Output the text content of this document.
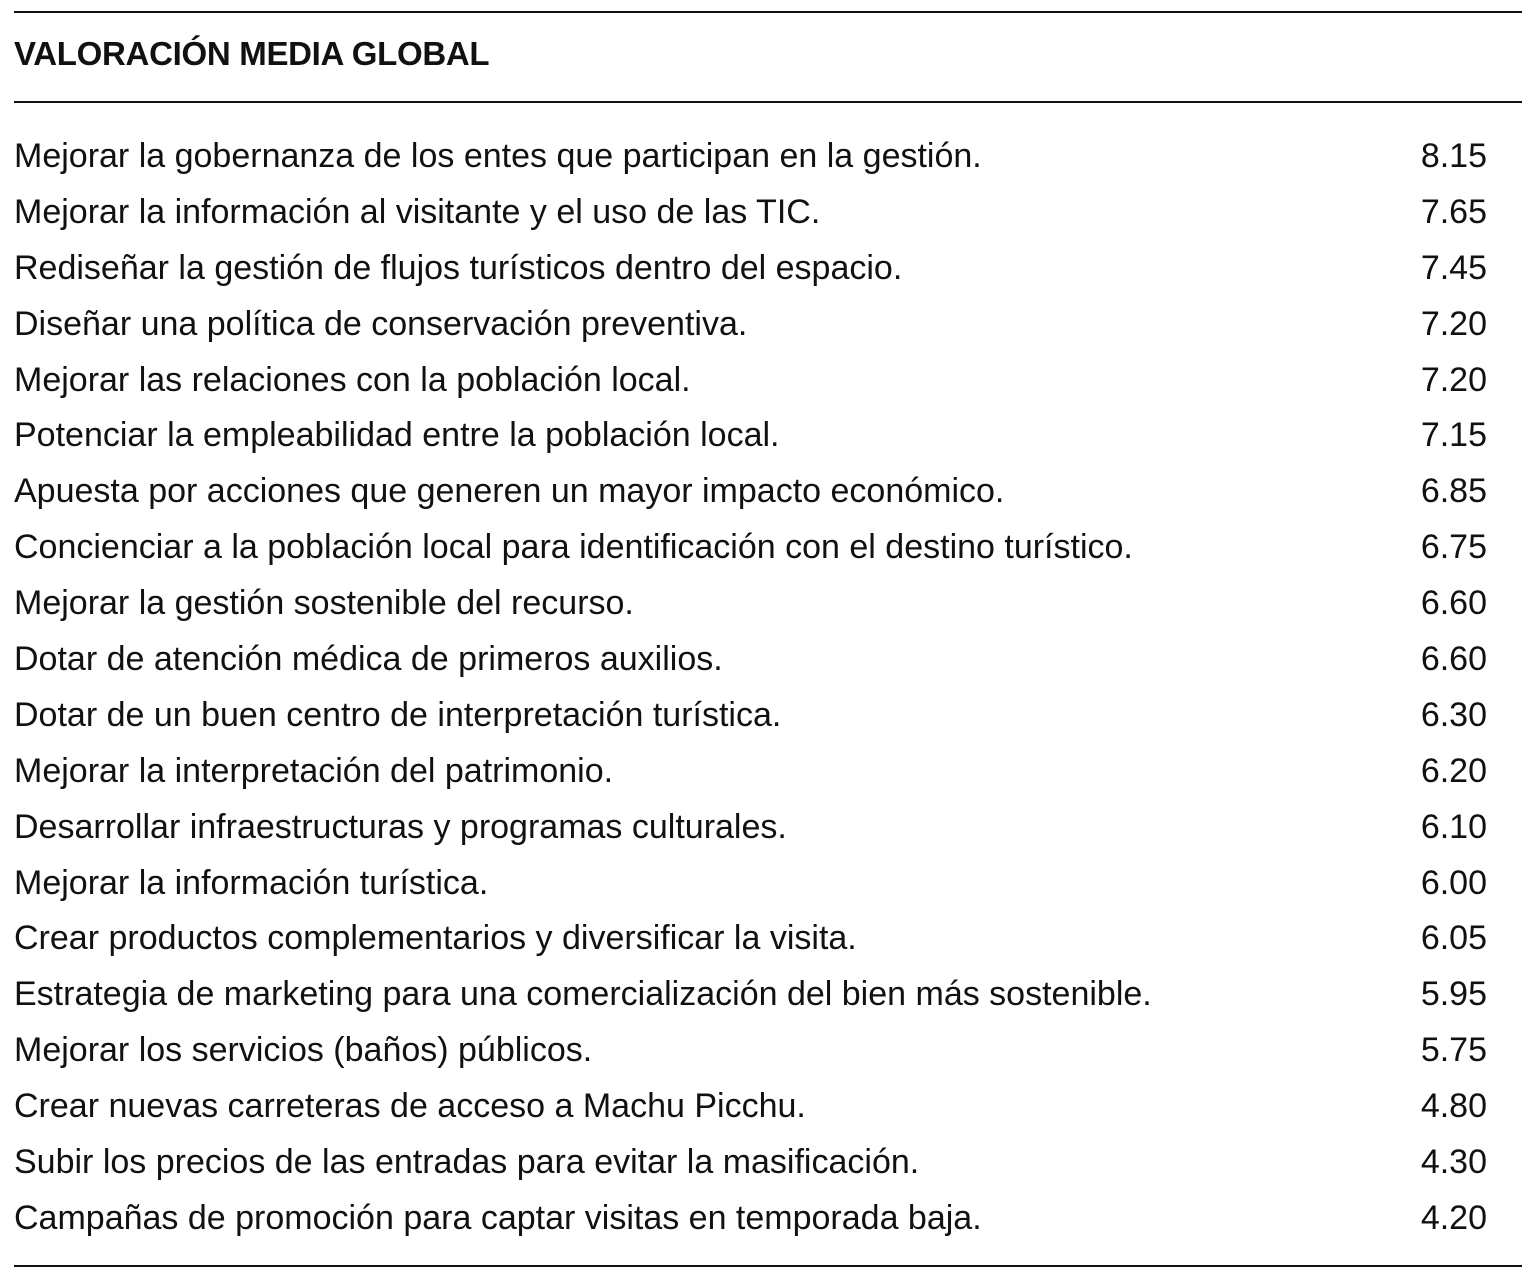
VALORACIÓN MEDIA GLOBAL
Mejorar la gobernanza de los entes que participan en la gestión.	8.15
Mejorar la información al visitante y el uso de las TIC.	7.65
Rediseñar la gestión de flujos turísticos dentro del espacio.	7.45
Diseñar una política de conservación preventiva.	7.20
Mejorar las relaciones con la población local.	7.20
Potenciar la empleabilidad entre la población local.	7.15
Apuesta por acciones que generen un mayor impacto económico.	6.85
Concienciar a la población local para identificación con el destino turístico.	6.75
Mejorar la gestión sostenible del recurso.	6.60
Dotar de atención médica de primeros auxilios.	6.60
Dotar de un buen centro de interpretación turística.	6.30
Mejorar la interpretación del patrimonio.	6.20
Desarrollar infraestructuras y programas culturales.	6.10
Mejorar la información turística.	6.00
Crear productos complementarios y diversificar la visita.	6.05
Estrategia de marketing para una comercialización del bien más sostenible.	5.95
Mejorar los servicios (baños) públicos.	5.75
Crear nuevas carreteras de acceso a Machu Picchu.	4.80
Subir los precios de las entradas para evitar la masificación.	4.30
Campañas de promoción para captar visitas en temporada baja.	4.20
